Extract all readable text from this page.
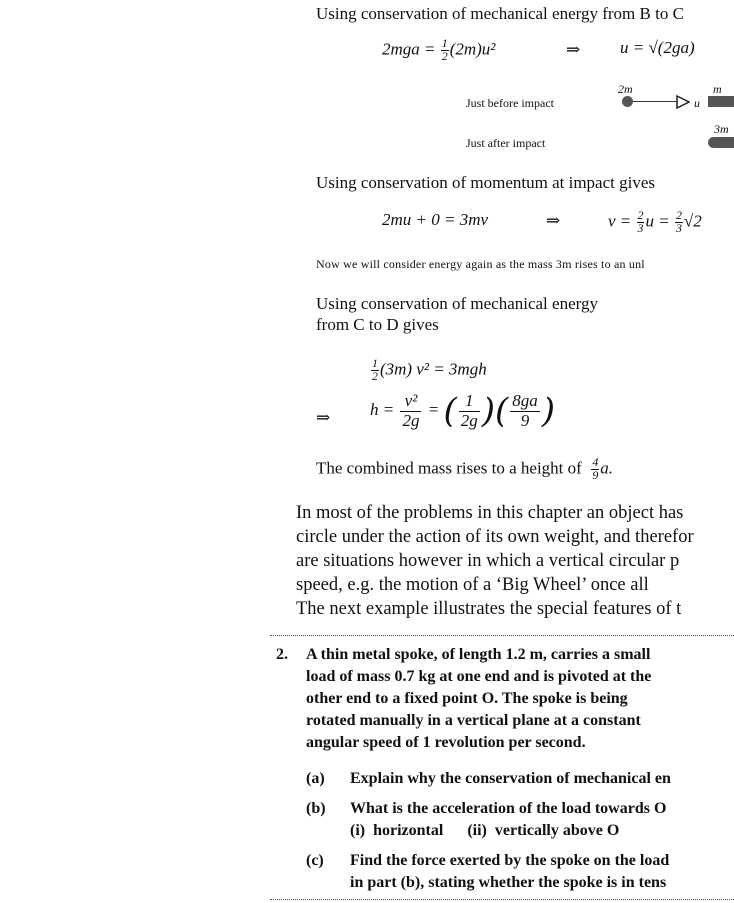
Using conservation of mechanical energy from B to C
$2mga = \frac{1}{2} (2m)u^2$	⇒ u = √(2ga)
Just before impact
2m
u
m
Just after impact
3m
Using conservation of momentum at impact gives
2mu + 0 = 3mv	⇒	$v = \frac{2}{3}$ $u = \frac{2}{3} √2$
Now we will consider energy again as the mass 3m rises to an unl
Using conservation of mechanical energy
from C to D gives
$\frac{1}{2} (3m) v^2 = 3mgh$
⇒ $h = \frac{\text{v²}}{2g}$ = ( $\frac{1}{2g}$ )( $\frac{8ga}{9}$ )
The combined mass rises to a height of $\frac{4}{9} a$.
In most of the problems in this chapter an object has
circle under the action of its own weight, and therefor
are situations however in which a vertical circular p
speed, e.g. the motion of a ‘Big Wheel’ once all
The next example illustrates the special features of t
2. A thin metal spoke, of length 1.2 m, carries a small
load of mass 0.7 kg at one end and is pivoted at the
other end to a fixed point O. The spoke is being
rotated manually in a vertical plane at a constant
angular speed of 1 revolution per second.
(a) Explain why the conservation of mechanical en
(b) What is the acceleration of the load towards O
(i)  horizontal      (ii)  vertically above O
(c) Find the force exerted by the spoke on the load
in part (b), stating whether the spoke is in tens
